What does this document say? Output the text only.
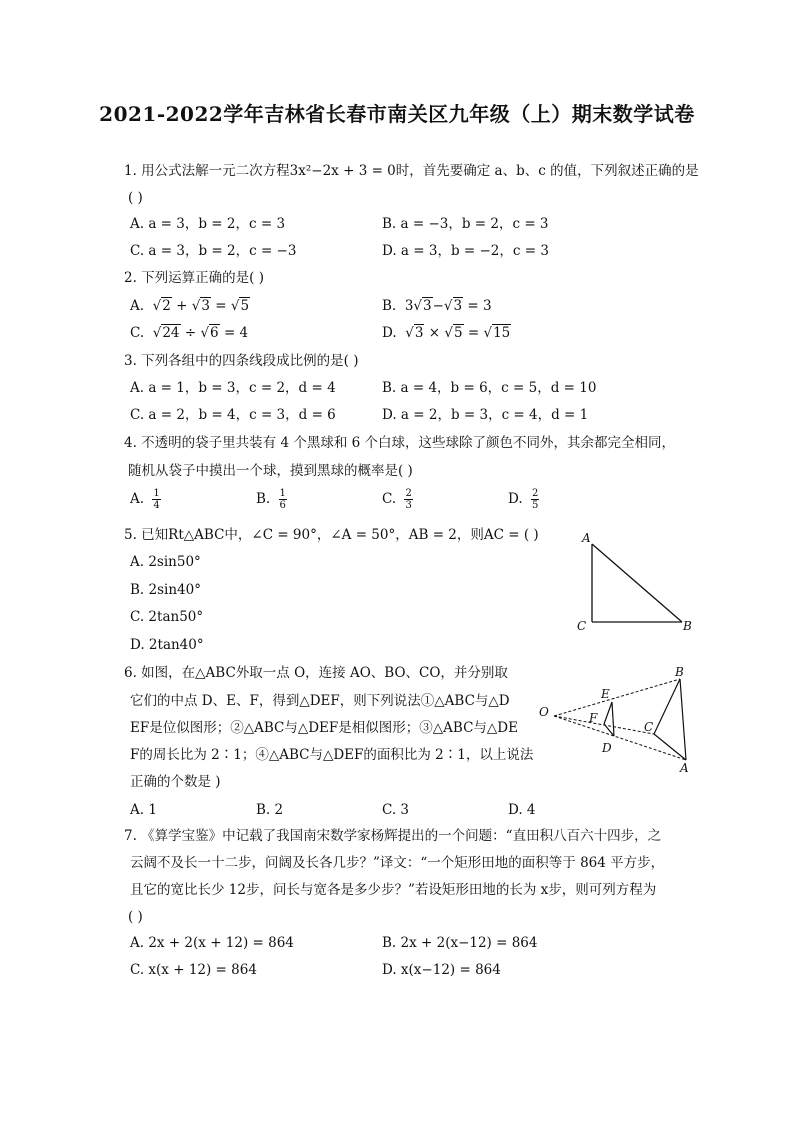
2021-2022学年吉林省长春市南关区九年级（上）期末数学试卷
1. 用公式法解一元二次方程3x²−2x + 3 = 0时，首先要确定 a、b、c 的值，下列叙述正确的是
( )
A. a = 3，b = 2，c = 3	B. a = −3，b = 2，c = 3
C. a = 3，b = 2，c = −3	D. a = 3，b = −2，c = 3
2. 下列运算正确的是( )
A. √2 + √3 = √5	B. 3√3−√3 = 3
C. √24 ÷ √6 = 4	D. √3 × √5 = √15
3. 下列各组中的四条线段成比例的是( )
A. a = 1，b = 3，c = 2，d = 4	B. a = 4，b = 6，c = 5，d = 10
C. a = 2，b = 4，c = 3，d = 6	D. a = 2，b = 3，c = 4，d = 1
4. 不透明的袋子里共装有 4 个黑球和 6 个白球，这些球除了颜色不同外，其余都完全相同，
随机从袋子中摸出一个球，摸到黑球的概率是( )
A. $\frac{1}{4}$	B. $\frac{1}{6}$	C. $\frac{2}{3}$	D. $\frac{2}{5}$
5. 已知Rt△ABC中，∠C = 90°，∠A = 50°，AB = 2，则AC = ( )
A. 2sin50°
B. 2sin40°
C. 2tan50°
D. 2tan40°
A
C	B
6. 如图，在△ABC外取一点 O，连接 AO、BO、CO，并分别取
它们的中点 D、E、F，得到△DEF，则下列说法①△ABC与△D
EF是位似图形；②△ABC与△DEF是相似图形；③△ABC与△DE
F的周长比为 2∶1；④△ABC与△DEF的面积比为 2∶1，以上说法
正确的个数是 )
A. 1	B. 2	C. 3	D. 4
O
E
F
D
B
C
A
7. 《算学宝鉴》中记载了我国南宋数学家杨辉提出的一个问题：“直田积八百六十四步，之
云阔不及长一十二步，问阔及长各几步？”译文：“一个矩形田地的面积等于 864 平方步，
且它的宽比长少 12步，问长与宽各是多少步？”若设矩形田地的长为 x步，则可列方程为
( )
A. 2x + 2(x + 12) = 864	B. 2x + 2(x−12) = 864
C. x(x + 12) = 864	D. x(x−12) = 864
